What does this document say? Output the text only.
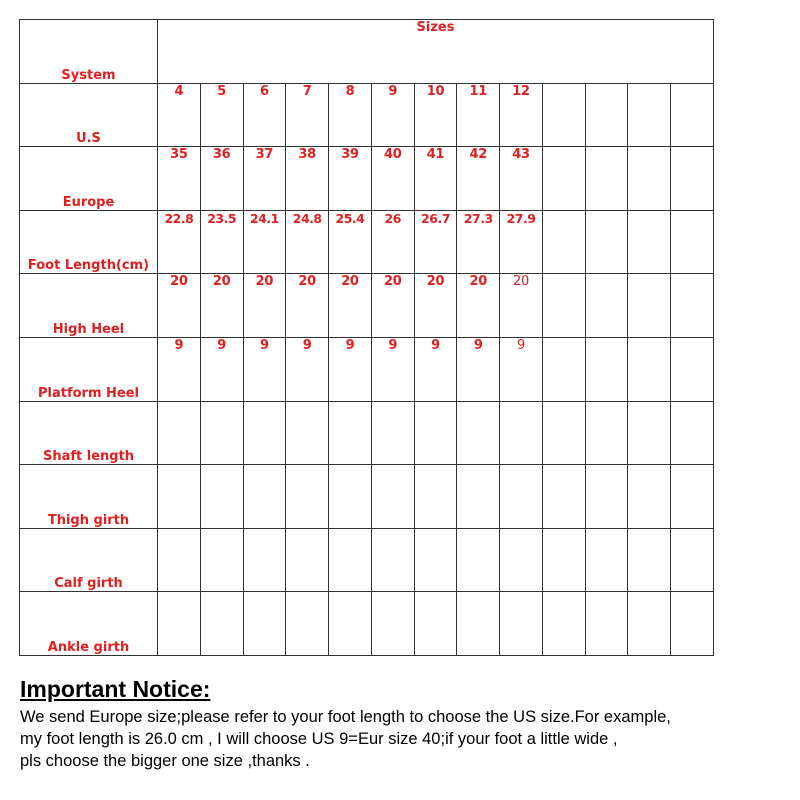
System	Sizes												
U.S	4	5	6	7	8	9	10	11	12				
Europe	35	36	37	38	39	40	41	42	43				
Foot Length(cm)	22.8	23.5	24.1	24.8	25.4	26	26.7	27.3	27.9				
High Heel	20	20	20	20	20	20	20	20	20				
Platform Heel	9	9	9	9	9	9	9	9	9				
Shaft length													
Thigh girth													
Calf girth													
Ankle girth													

Important Notice:

We send Europe size;please refer to your foot length to choose the US size.For example,
my foot length is 26.0 cm , I will choose US 9=Eur size 40;if your foot a little wide ,
pls choose the bigger one size ,thanks .
